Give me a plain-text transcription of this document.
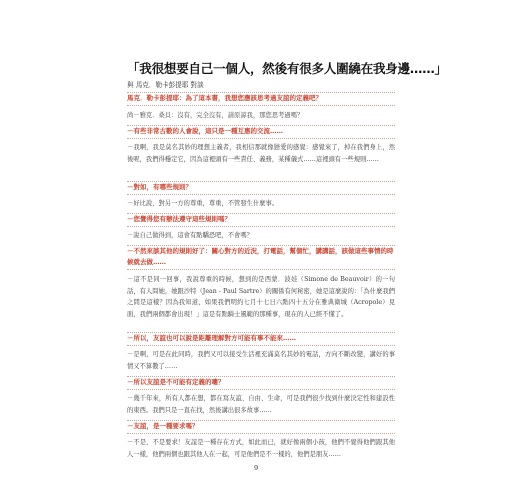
「我很想要自己一個人，然後有很多人圍繞在我身邊……」
與 馬克．勒卡彭提耶 對談
馬克．勒卡彭提耶：為了這本書，我想您應該思考過友誼的定義吧？
尚－雅克．桑貝：沒有，完全沒有，請原諒我，那您思考過嗎？
－有些非常古數的人會說，這只是一種互惠的交流……
－我啊，我是莫名其妙的理想主義者，我相信那就像戀愛的感覺：感覺來了，掉在我們身上，然後呢，我們得穩定它，因為這裡頭有一些責任、義務，某種儀式……這裡頭有一些規則……
－對如，有哪些規則？
－好比說，對另一方的尊重，尊重，不管發生什麼事。
－您覺得您有辦法遵守這些規則嗎？
－說自己做得到，這會有點驕恐吧，不會嗎？
－不然來談其他的規則好了：關心對方的近況，打電話，幫個忙，講講話，該做這些事情的時候就去做……
－這不是同一回事，我說尊重的時候，想到的是西蒙．波娃（Simone de Beauvoir）的一句話，有人問她，她跟沙特（Jean - Paul Sartre）的關係有何秘密，她是這麼說的：「為什麼我們之間是這樣？因為我知道，如果我們明約七月十七日六點四十五分在雅典衛城（Acropole）見面，我們兩個都會出現！」這是有點騎士風範的那種事，現在的人已經不懂了。
－所以，友誼也可以說是距離理解對方可能有事不能來……
－是啊，可是在此同時，我們又可以接受生活裡充滿莫名其妙的電話，方向不斷改變，講好的事情又不算數了……
－所以友誼是不可能有定義的嘍？
－幾千年來，所有人都在想，都在寫友誼、自由、生命，可是我們很少找到什麼決定性和建設性的東西。我們只是一直在找，然後講出很多故事……
－友誼，是一種要求嗎？
－不是，不是要求！友誼是一種存在方式，如此而已，就好像兩個小孩，他們不覺得他們跟其他人一樣，他們兩個也跟其他人在一起，可是他們是不一樣的，他們是朋友……
9
